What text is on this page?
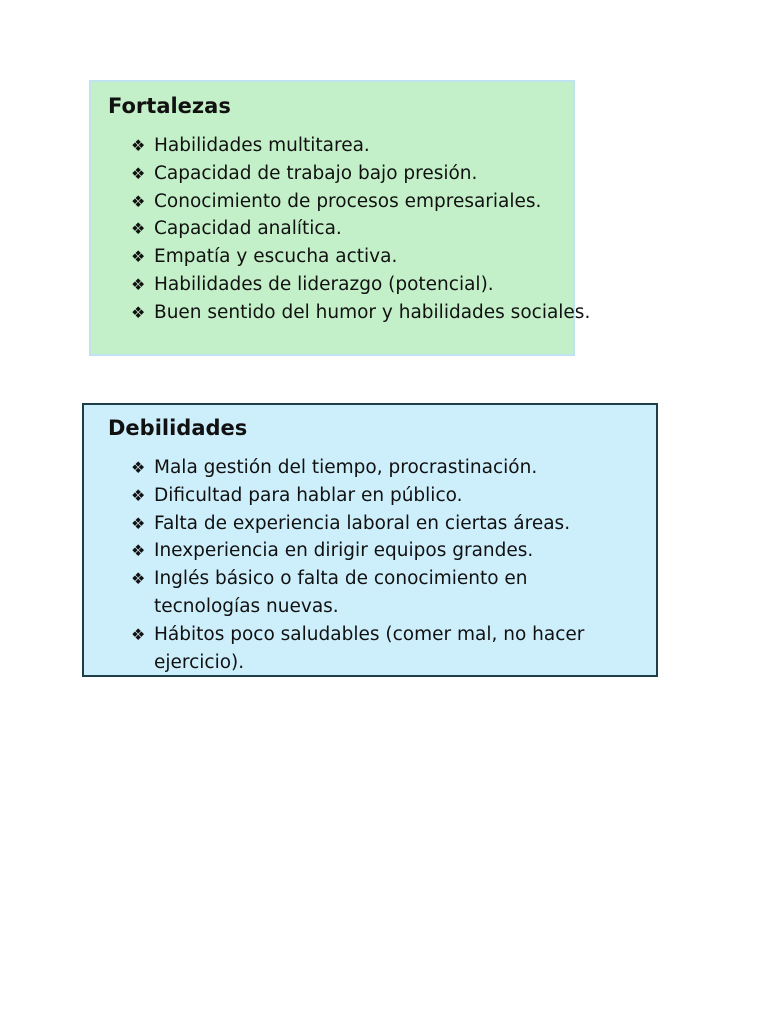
Fortalezas
❖ Habilidades multitarea.
❖ Capacidad de trabajo bajo presión.
❖ Conocimiento de procesos empresariales.
❖ Capacidad analítica.
❖ Empatía y escucha activa.
❖ Habilidades de liderazgo (potencial).
❖ Buen sentido del humor y habilidades sociales.
Debilidades
❖ Mala gestión del tiempo, procrastinación.
❖ Dificultad para hablar en público.
❖ Falta de experiencia laboral en ciertas áreas.
❖ Inexperiencia en dirigir equipos grandes.
❖ Inglés básico o falta de conocimiento en tecnologías nuevas.
❖ Hábitos poco saludables (comer mal, no hacer ejercicio).
